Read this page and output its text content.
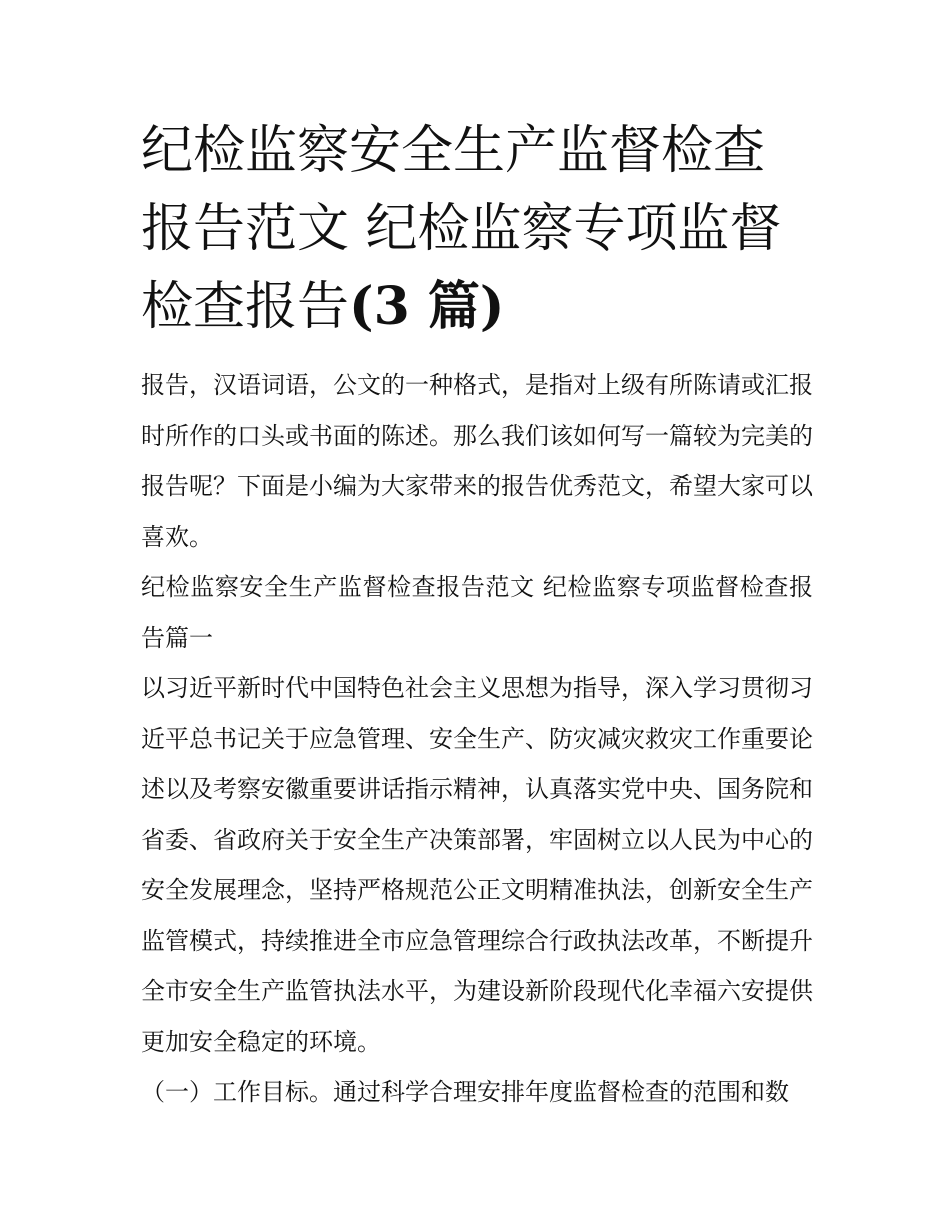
纪检监察安全生产监督检查报告范文 纪检监察专项监督检查报告(3 篇)

报告，汉语词语，公文的一种格式，是指对上级有所陈请或汇报时所作的口头或书面的陈述。那么我们该如何写一篇较为完美的报告呢？下面是小编为大家带来的报告优秀范文，希望大家可以喜欢。

纪检监察安全生产监督检查报告范文 纪检监察专项监督检查报告篇一

以习近平新时代中国特色社会主义思想为指导，深入学习贯彻习近平总书记关于应急管理、安全生产、防灾减灾救灾工作重要论述以及考察安徽重要讲话指示精神，认真落实党中央、国务院和省委、省政府关于安全生产决策部署，牢固树立以人民为中心的安全发展理念，坚持严格规范公正文明精准执法，创新安全生产监管模式，持续推进全市应急管理综合行政执法改革，不断提升全市安全生产监管执法水平，为建设新阶段现代化幸福六安提供更加安全稳定的环境。

（一）工作目标。通过科学合理安排年度监督检查的范围和数
